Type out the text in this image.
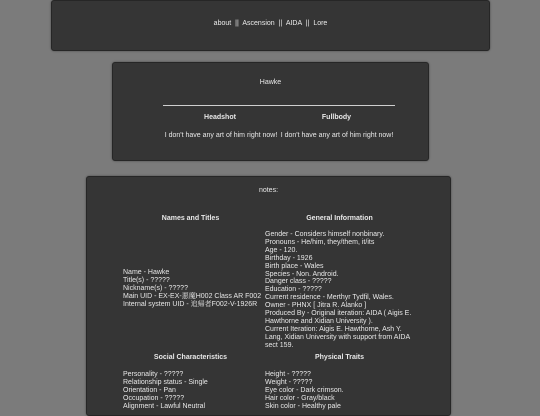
about || Ascension || AIDA || Lore
Hawke
Headshot	Fullbody
I don't have any art of him right now! I don't have any art of him right now!
notes:
Names and Titles	General Information
Name - Hawke
Title(s) - ?????
Nickname(s) - ?????
Main UID - EX-EX-悪魔H002 Class AR F002
Internal system UID - 追帰者F002-V-1926R
Gender - Considers himself nonbinary.
Pronouns - He/him, they/them, it/its
Age - 120.
Birthday - 1926
Birth place - Wales
Species - Non. Android.
Danger class - ?????
Education - ?????
Current residence - Merthyr Tydfil, Wales.
Owner - PHNX [ Jitra R. Alanko ]
Produced By - Original iteration: AIDA ( Aigis E.
Hawthorne and Xidian University ).
Current Iteration: Aigis E. Hawthorne, Ash Y.
Lang, Xidian University with support from AIDA
sect 159.
Social Characteristics	Physical Traits
Personality - ?????
Relationship status - Single
Orientation - Pan
Occupation - ?????
Alignment - Lawful Neutral
Height - ?????
Weight - ?????
Eye color - Dark crimson.
Hair color - Gray/black
Skin color - Healthy pale
